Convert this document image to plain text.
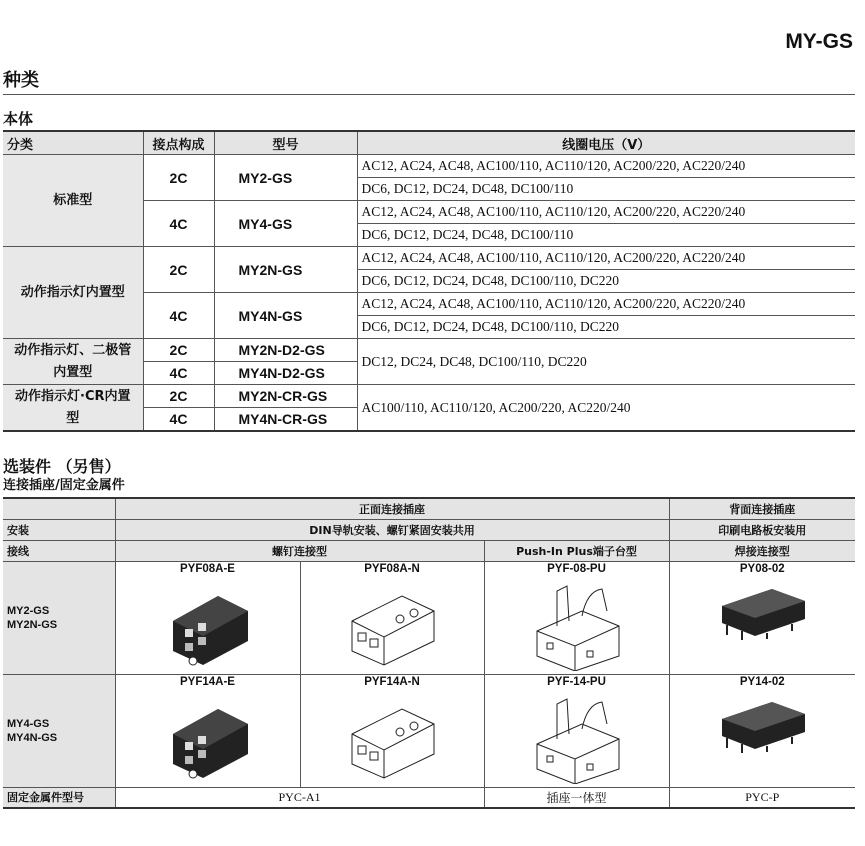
MY-GS
种类
本体
分类	接点构成	型号	线圈电压（V）
标准型	2C	MY2-GS	AC12, AC24, AC48, AC100/110, AC110/120, AC200/220, AC220/240
			DC6, DC12, DC24, DC48, DC100/110
	4C	MY4-GS	AC12, AC24, AC48, AC100/110, AC110/120, AC200/220, AC220/240
			DC6, DC12, DC24, DC48, DC100/110
动作指示灯内置型	2C	MY2N-GS	AC12, AC24, AC48, AC100/110, AC110/120, AC200/220, AC220/240
			DC6, DC12, DC24, DC48, DC100/110, DC220
	4C	MY4N-GS	AC12, AC24, AC48, AC100/110, AC110/120, AC200/220, AC220/240
			DC6, DC12, DC24, DC48, DC100/110, DC220
动作指示灯、二极管内置型	2C	MY2N-D2-GS	DC12, DC24, DC48, DC100/110, DC220
	4C	MY4N-D2-GS	
动作指示灯·CR内置型	2C	MY2N-CR-GS	AC100/110, AC110/120, AC200/220, AC220/240
	4C	MY4N-CR-GS	
选装件 （另售）
连接插座/固定金属件
	正面连接插座			背面连接插座
安装	DIN导轨安装、螺钉紧固安装共用			印刷电路板安装用
接线	螺钉连接型		Push-In Plus端子台型	焊接连接型
MY2-GS
MY2N-GS	PYF08A-E	PYF08A-N	PYF-08-PU	PY08-02

MY4-GS
MY4N-GS	PYF14A-E	PYF14A-N	PYF-14-PU	PY14-02

固定金属件型号	PYC-A1		插座一体型	PYC-P
